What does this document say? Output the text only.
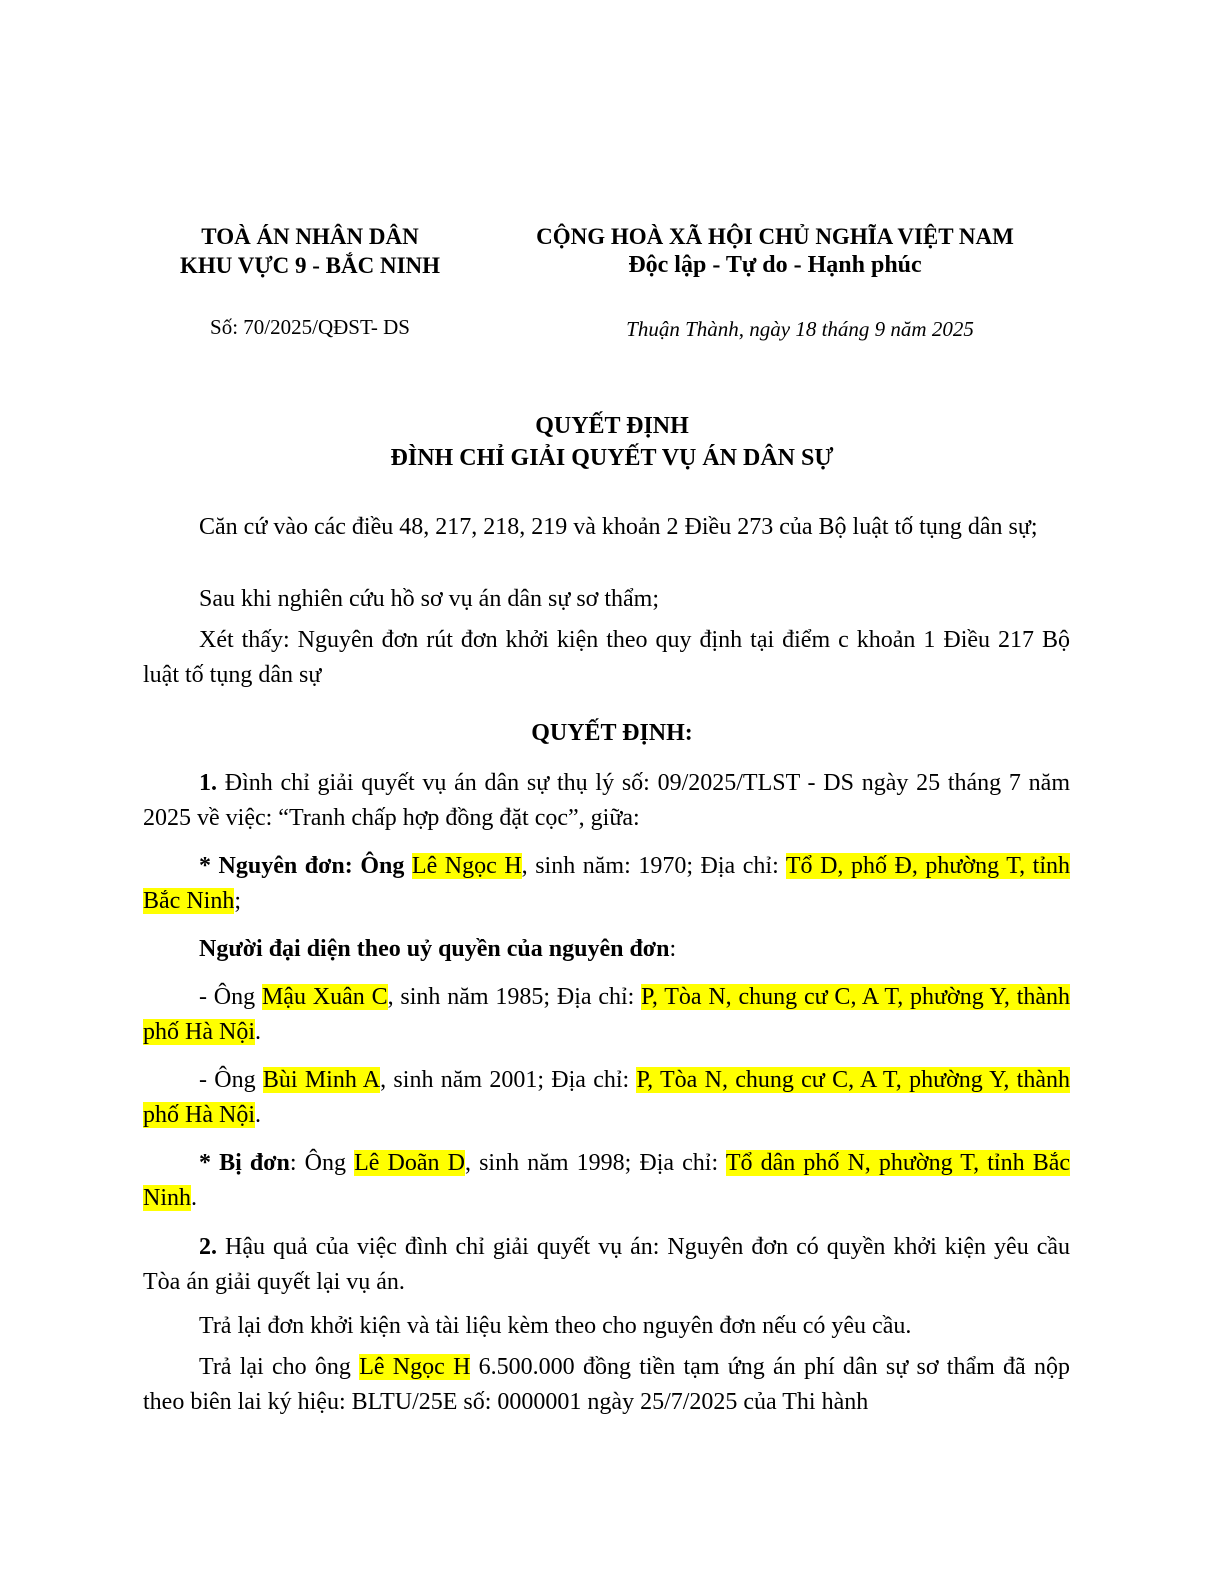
TOÀ ÁN NHÂN DÂN
KHU VỰC 9 - BẮC NINH
CỘNG HOÀ XÃ HỘI CHỦ NGHĨA VIỆT NAM
Độc lập - Tự do - Hạnh phúc
Số: 70/2025/QĐST- DS	Thuận Thành, ngày 18 tháng 9 năm 2025
QUYẾT ĐỊNH
ĐÌNH CHỈ GIẢI QUYẾT VỤ ÁN DÂN SỰ

Căn cứ vào các điều 48, 217, 218, 219 và khoản 2 Điều 273 của Bộ luật tố tụng dân sự;

Sau khi nghiên cứu hồ sơ vụ án dân sự sơ thẩm;

Xét thấy: Nguyên đơn rút đơn khởi kiện theo quy định tại điểm c khoản 1 Điều 217 Bộ luật tố tụng dân sự

QUYẾT ĐỊNH:

1. Đình chỉ giải quyết vụ án dân sự thụ lý số: 09/2025/TLST - DS ngày 25 tháng 7 năm 2025 về việc: “Tranh chấp hợp đồng đặt cọc”, giữa:

* Nguyên đơn: Ông Lê Ngọc H, sinh năm: 1970; Địa chỉ: Tổ D, phố Đ, phường T, tỉnh Bắc Ninh;

Người đại diện theo uỷ quyền của nguyên đơn:

- Ông Mậu Xuân C, sinh năm 1985; Địa chỉ: P, Tòa N, chung cư C, A T, phường Y, thành phố Hà Nội.

- Ông Bùi Minh A, sinh năm 2001; Địa chỉ: P, Tòa N, chung cư C, A T, phường Y, thành phố Hà Nội.

* Bị đơn: Ông Lê Doãn D, sinh năm 1998; Địa chỉ: Tổ dân phố N, phường T, tỉnh Bắc Ninh.

2. Hậu quả của việc đình chỉ giải quyết vụ án: Nguyên đơn có quyền khởi kiện yêu cầu Tòa án giải quyết lại vụ án.

Trả lại đơn khởi kiện và tài liệu kèm theo cho nguyên đơn nếu có yêu cầu.

Trả lại cho ông Lê Ngọc H 6.500.000 đồng tiền tạm ứng án phí dân sự sơ thẩm đã nộp theo biên lai ký hiệu: BLTU/25E số: 0000001 ngày 25/7/2025 của Thi hành
